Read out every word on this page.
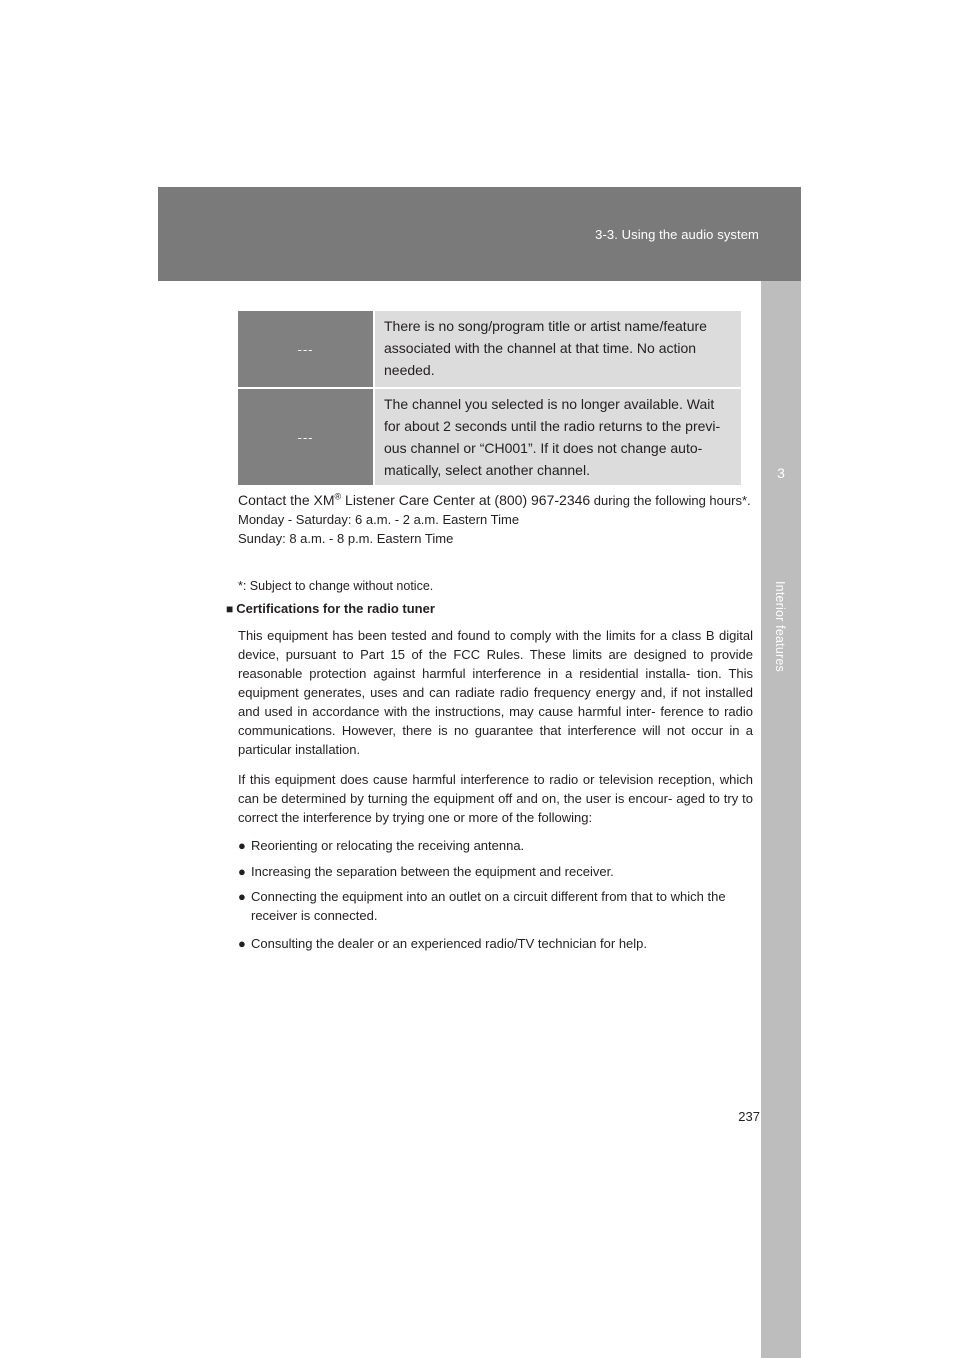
3-3. Using the audio system
3
Interior features
---
There is no song/program title or artist name/feature associated with the channel at that time. No action needed.
---
The channel you selected is no longer available. Wait for about 2 seconds until the radio returns to the previ- ous channel or “CH001”. If it does not change auto- matically, select another channel.
Contact the XM® Listener Care Center at (800) 967-2346 during the following hours*.
Monday - Saturday: 6 a.m. - 2 a.m. Eastern Time
Sunday: 8 a.m. - 8 p.m. Eastern Time
*: Subject to change without notice.
■ Certifications for the radio tuner
This equipment has been tested and found to comply with the limits for a class B digital device, pursuant to Part 15 of the FCC Rules. These limits are designed to provide reasonable protection against harmful interference in a residential installa- tion. This equipment generates, uses and can radiate radio frequency energy and, if not installed and used in accordance with the instructions, may cause harmful inter- ference to radio communications. However, there is no guarantee that interference will not occur in a particular installation.
If this equipment does cause harmful interference to radio or television reception, which can be determined by turning the equipment off and on, the user is encour- aged to try to correct the interference by trying one or more of the following:
● Reorienting or relocating the receiving antenna.
● Increasing the separation between the equipment and receiver.
● Connecting the equipment into an outlet on a circuit different from that to which the receiver is connected.
● Consulting the dealer or an experienced radio/TV technician for help.
237
